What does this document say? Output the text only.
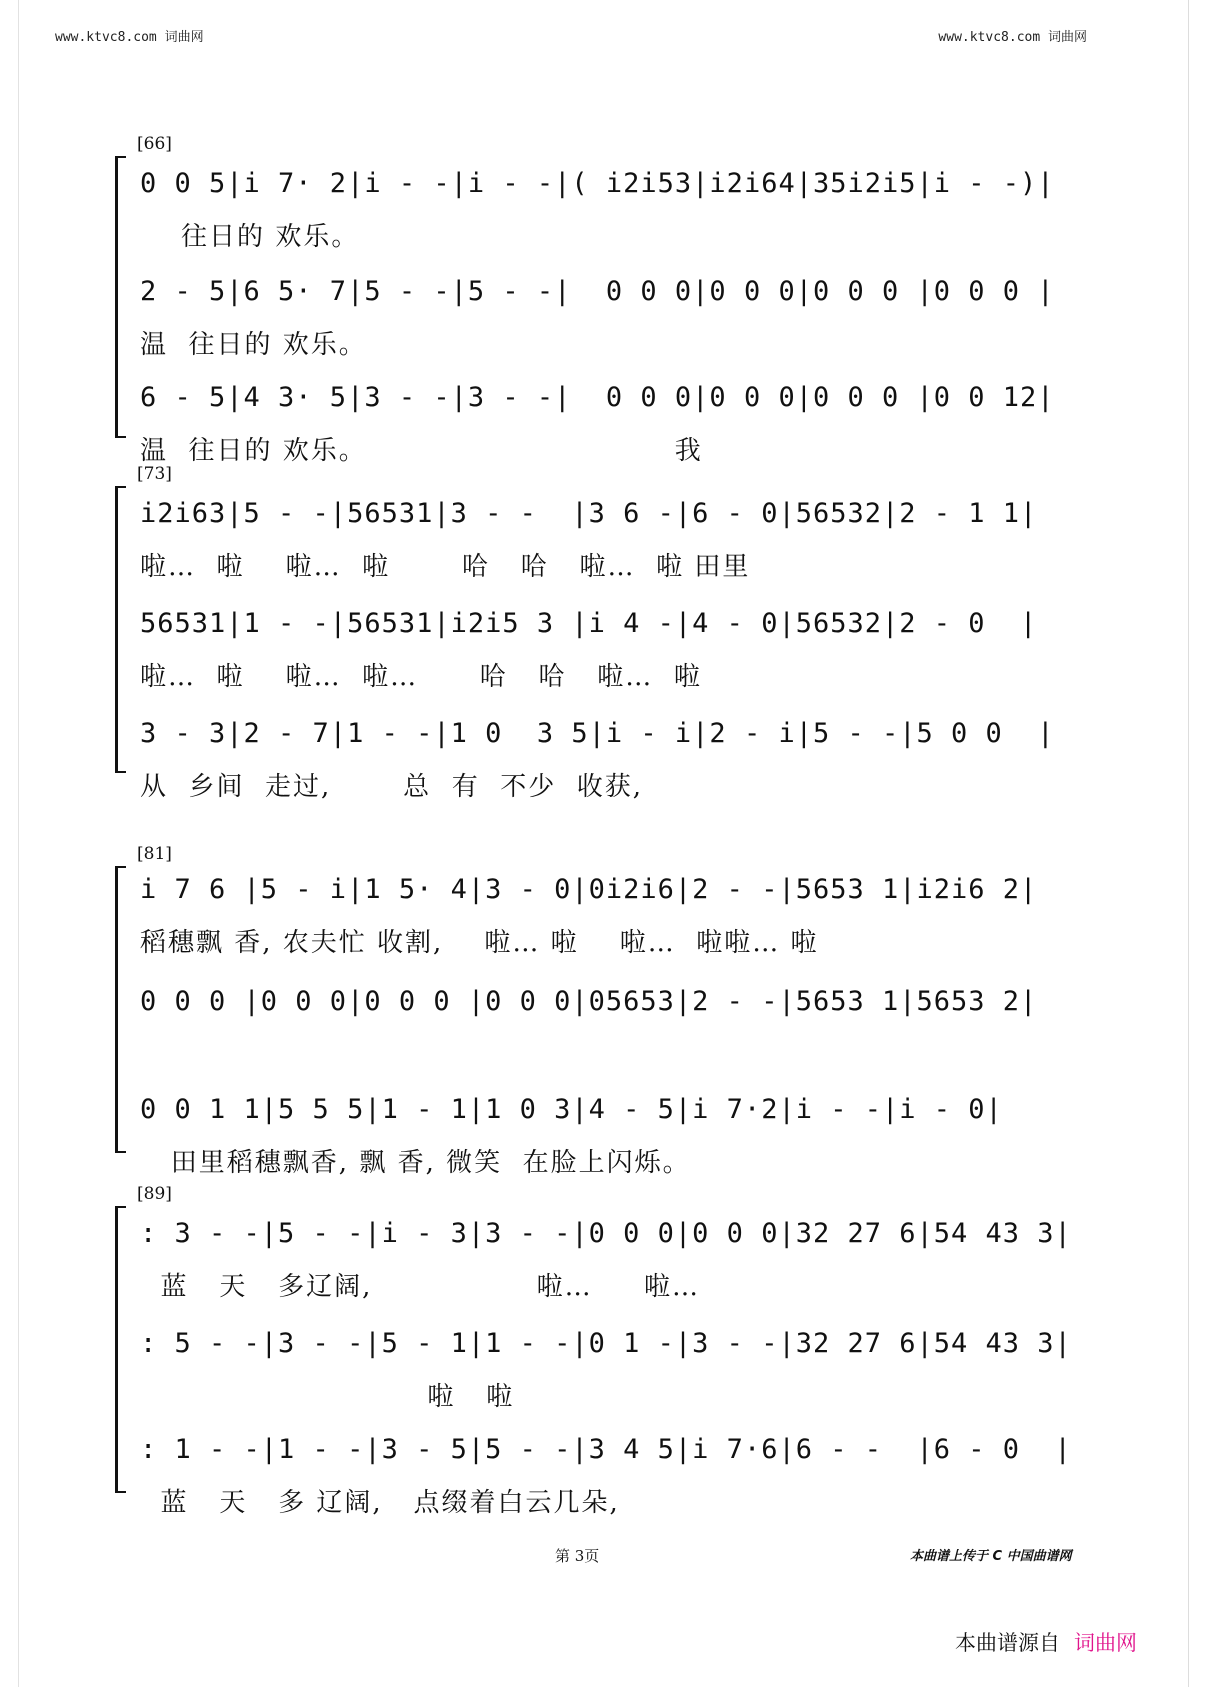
www.ktvc8.com 词曲网	www.ktvc8.com 词曲网
[66]
0 0 5|i 7· 2|i - -|i - -|( i2i53|i2i64|35i2i5|i - -)|
往日的 欢乐。
2 - 5|6 5· 7|5 - -|5 - -|  0 0 0|0 0 0|0 0 0 |0 0 0 |
温  往日的 欢乐。
6 - 5|4 3· 5|3 - -|3 - -|  0 0 0|0 0 0|0 0 0 |0 0 12|
温  往日的 欢乐。                              我
[73]
i2i63|5 - -|56531|3 - -  |3 6 -|6 - 0|56532|2 - 1 1|
啦…  啦    啦…  啦       哈   哈   啦…  啦 田里
56531|1 - -|56531|i2i5 3 |i 4 -|4 - 0|56532|2 - 0  |
啦…  啦    啦…  啦…      哈   哈   啦…  啦
3 - 3|2 - 7|1 - -|1 0  3 5|i - i|2 - i|5 - -|5 0 0  |
从  乡间  走过,       总  有  不少  收获,
[81]
i 7 6 |5 - i|1 5· 4|3 - 0|0i2i6|2 - -|5653 1|i2i6 2|
稻穗飘 香, 农夫忙 收割,    啦… 啦    啦…  啦啦… 啦
0 0 0 |0 0 0|0 0 0 |0 0 0|05653|2 - -|5653 1|5653 2|
0 0 1 1|5 5 5|1 - 1|1 0 3|4 - 5|i 7·2|i - -|i - 0|
田里稻穗飘香, 飘 香, 微笑  在脸上闪烁。
[89]
: 3 - -|5 - -|i - 3|3 - -|0 0 0|0 0 0|32 27 6|54 43 3|
蓝   天   多辽阔,                啦…     啦…
: 5 - -|3 - -|5 - 1|1 - -|0 1 -|3 - -|32 27 6|54 43 3|
啦   啦
: 1 - -|1 - -|3 - 5|5 - -|3 4 5|i 7·6|6 - -  |6 - 0  |
蓝   天   多 辽阔,   点缀着白云几朵,
第 3页	本曲谱上传于 C 中国曲谱网
本曲谱源自 词曲网
